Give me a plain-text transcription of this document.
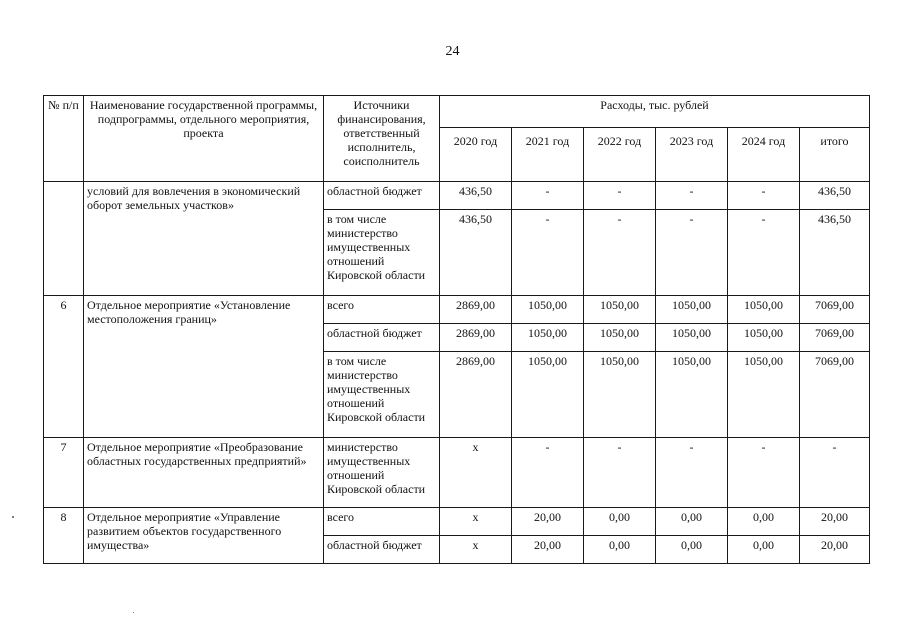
24
№ п/п	Наименование государственной программы, подпрограммы, отдельного мероприятия, проекта	Источники финансирования, ответственный исполнитель, соисполнитель	Расходы, тыс. рублей					
			2020 год	2021 год	2022 год	2023 год	2024 год	итого
	условий для вовлечения в экономический оборот земельных участков»	областной бюджет	436,50	-	-	-	-	436,50
		в том числе министерство имущественных отношений Кировской области	436,50	-	-	-	-	436,50
6	Отдельное мероприятие «Установление местоположения границ»	всего	2869,00	1050,00	1050,00	1050,00	1050,00	7069,00
		областной бюджет	2869,00	1050,00	1050,00	1050,00	1050,00	7069,00
		в том числе министерство имущественных отношений Кировской области	2869,00	1050,00	1050,00	1050,00	1050,00	7069,00
7	Отдельное мероприятие «Преобразование областных государственных предприятий»	министерство имущественных отношений Кировской области	x	-	-	-	-	-
8	Отдельное мероприятие «Управление развитием объектов государственного имущества»	всего	x	20,00	0,00	0,00	0,00	20,00
		областной бюджет	x	20,00	0,00	0,00	0,00	20,00
